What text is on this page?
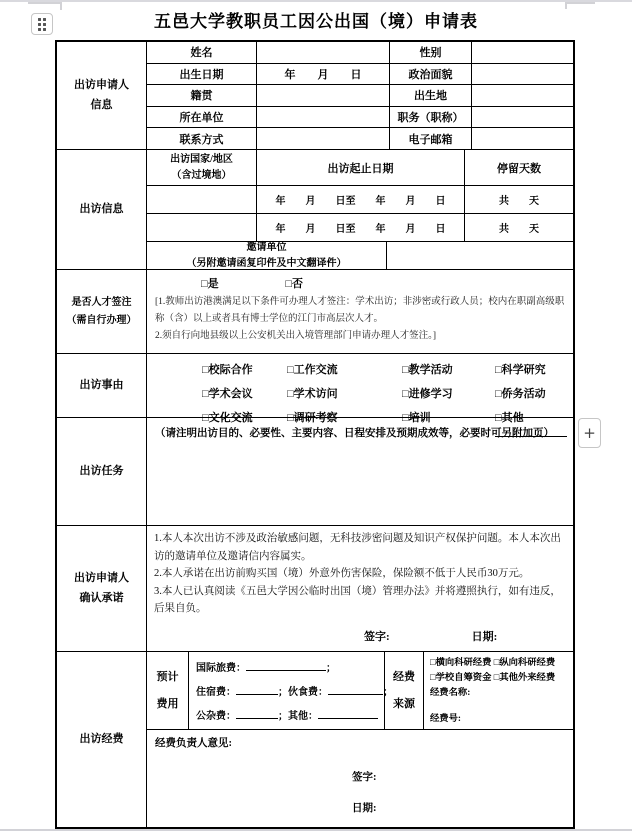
+
五邑大学教职员工因公出国（境）申请表
出访申请人
信息
姓名	性别
出生日期	年　　月　　日	政治面貌
籍贯	出生地
所在单位	职务（职称）
联系方式	电子邮箱
出访信息
出访国家/地区
（含过境地）
出访起止日期	停留天数
年　　月　　日至　　年　　月　　日	共　　天
年　　月　　日至　　年　　月　　日	共　　天
邀请单位
（另附邀请函复印件及中文翻译件）
是否人才签注
（需自行办理）
□是	□否
[1.教师出访港澳满足以下条件可办理人才签注：学术出访；非涉密或行政人员；校内在职副高级职称（含）以上或者具有博士学位的江门市高层次人才。
2.须自行向地县级以上公安机关出入境管理部门申请办理人才签注。]
出访事由
□校际合作	□工作交流	□教学活动	□科学研究
□学术会议	□学术访问	□进修学习	□侨务活动
□文化交流	□调研考察	□培训	□其他
出访任务
（请注明出访目的、必要性、主要内容、日程安排及预期成效等，必要时可另附加页）
出访申请人
确认承诺
1.本人本次出访不涉及政治敏感问题，无科技涉密问题及知识产权保护问题。本人本次出访的邀请单位及邀请信内容属实。
2.本人承诺在出访前购买国（境）外意外伤害保险，保险额不低于人民币30万元。
3.本人已认真阅读《五邑大学因公临时出国（境）管理办法》并将遵照执行，如有违反，后果自负。
签字:	日期:
出访经费
预计
费用
国际旅费：	；
住宿费：	；伙食费：	；
公杂费：	；其他：
经费
来源
□横向科研经费 □纵向科研经费
□学校自筹资金 □其他外来经费
经费名称:
经费号:
经费负责人意见:
签字:
日期:
